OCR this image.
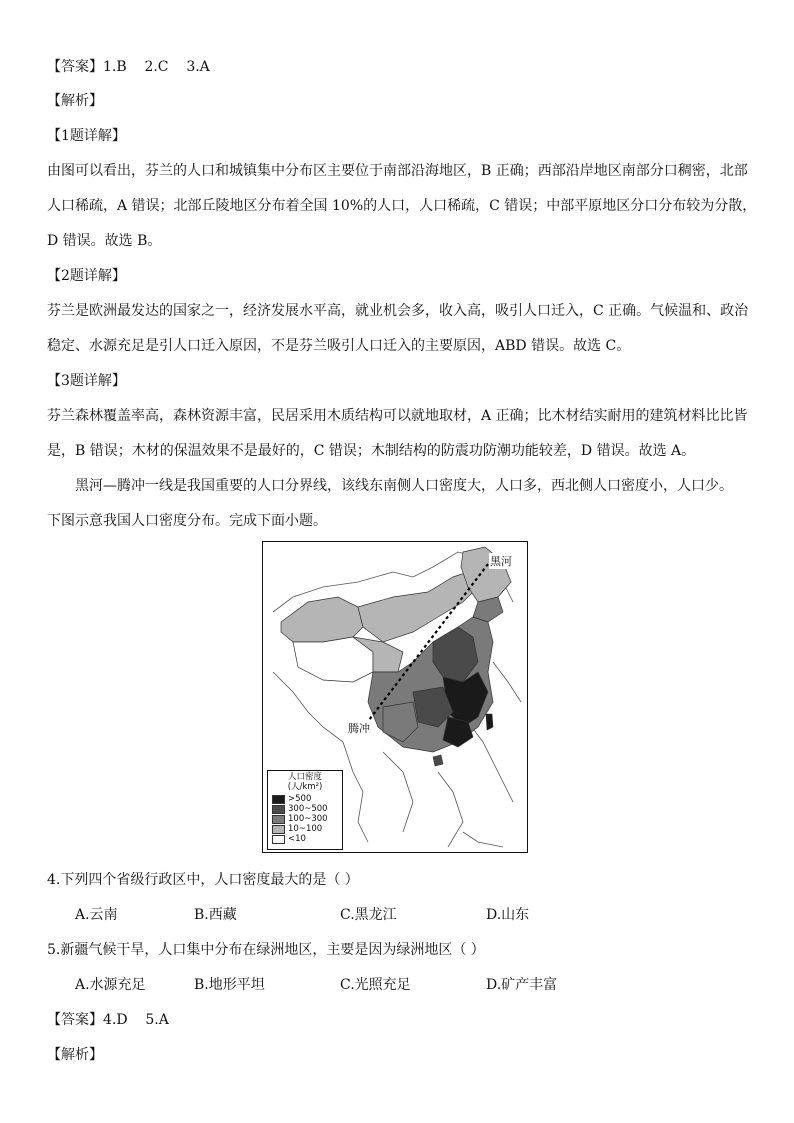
【答案】1.B    2.C    3.A
【解析】
【1题详解】
由图可以看出，芬兰的人口和城镇集中分布区主要位于南部沿海地区，B 正确；西部沿岸地区南部分口稠密，北部
人口稀疏，A 错误；北部丘陵地区分布着全国 10%的人口，人口稀疏，C 错误；中部平原地区分口分布较为分散，
D 错误。故选 B。
【2题详解】
芬兰是欧洲最发达的国家之一，经济发展水平高，就业机会多，收入高，吸引人口迁入，C 正确。气候温和、政治
稳定、水源充足是引人口迁入原因，不是芬兰吸引人口迁入的主要原因，ABD 错误。故选 C。
【3题详解】
芬兰森林覆盖率高，森林资源丰富，民居采用木质结构可以就地取材，A 正确；比木材结实耐用的建筑材料比比皆
是，B 错误；木材的保温效果不是最好的，C 错误；木制结构的防震功防潮功能较差，D 错误。故选 A。
黑河—腾冲一线是我国重要的人口分界线，该线东南侧人口密度大，人口多，西北侧人口密度小，人口少。
下图示意我国人口密度分布。完成下面小题。
黑河
腾冲
人口密度
(人/km²)
>500
300~500
100~300
10~100
<10
4.下列四个省级行政区中，人口密度最大的是（ ）
A.云南	B.西藏	C.黑龙江	D.山东
5.新疆气候干旱，人口集中分布在绿洲地区，主要是因为绿洲地区（ ）
A.水源充足	B.地形平坦	C.光照充足	D.矿产丰富
【答案】4.D    5.A
【解析】
